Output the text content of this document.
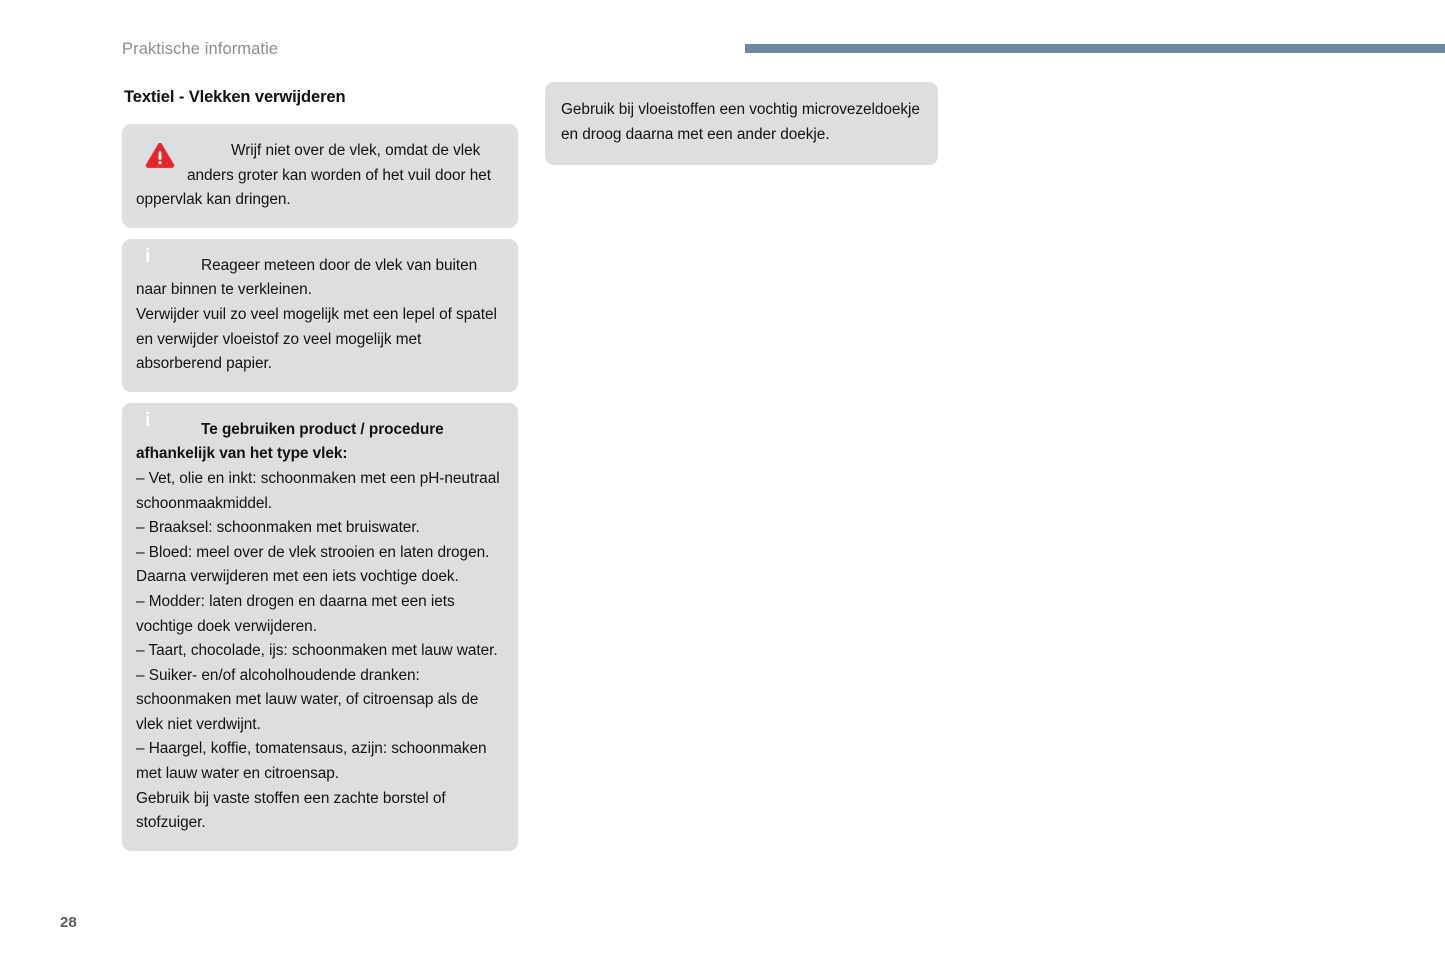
Praktische informatie
Textiel - Vlekken verwijderen

Wrijf niet over de vlek, omdat de vlek anders groter kan worden of het vuil door het oppervlak kan dringen.

Reageer meteen door de vlek van buiten naar binnen te verkleinen.

Verwijder vuil zo veel mogelijk met een lepel of spatel en verwijder vloeistof zo veel mogelijk met absorberend papier.

Te gebruiken product / procedure afhankelijk van het type vlek:

– Vet, olie en inkt: schoonmaken met een pH-neutraal schoonmaakmiddel.

– Braaksel: schoonmaken met bruiswater.

– Bloed: meel over de vlek strooien en laten drogen. Daarna verwijderen met een iets vochtige doek.

– Modder: laten drogen en daarna met een iets vochtige doek verwijderen.

– Taart, chocolade, ijs: schoonmaken met lauw water.

– Suiker- en/of alcoholhoudende dranken: schoonmaken met lauw water, of citroensap als de vlek niet verdwijnt.

– Haargel, koffie, tomatensaus, azijn: schoonmaken met lauw water en citroensap.

Gebruik bij vaste stoffen een zachte borstel of stofzuiger.

Gebruik bij vloeistoffen een vochtig microvezeldoekje en droog daarna met een ander doekje.

28
